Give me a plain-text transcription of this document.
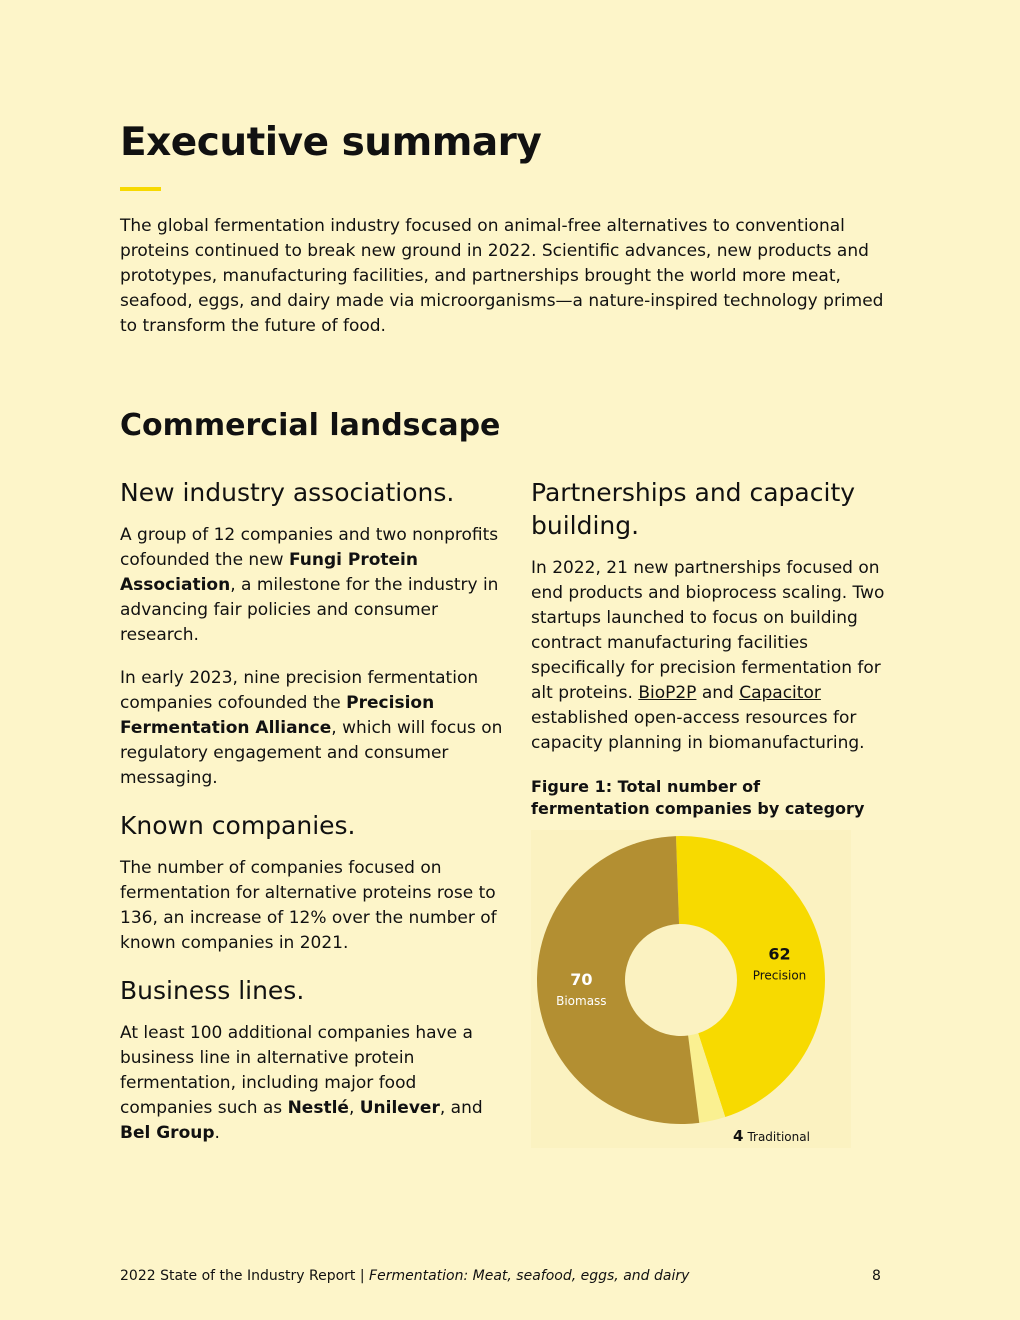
Executive summary

The global fermentation industry focused on animal-free alternatives to conventional proteins continued to break new ground in 2022. Scientific advances, new products and prototypes, manufacturing facilities, and partnerships brought the world more meat, seafood, eggs, and dairy made via microorganisms—a nature-inspired technology primed to transform the future of food.

Commercial landscape
New industry associations.

A group of 12 companies and two nonprofits cofounded the new Fungi Protein Association, a milestone for the industry in advancing fair policies and consumer research.

In early 2023, nine precision fermentation companies cofounded the Precision Fermentation Alliance, which will focus on regulatory engagement and consumer messaging.

Known companies.

The number of companies focused on fermentation for alternative proteins rose to 136, an increase of 12% over the number of known companies in 2021.

Business lines.

At least 100 additional companies have a business line in alternative protein fermentation, including major food companies such as Nestlé, Unilever, and Bel Group.

Partnerships and capacity building.

In 2022, 21 new partnerships focused on end products and bioprocess scaling. Two startups launched to focus on building contract manufacturing facilities specifically for precision fermentation for alt proteins. BioP2P and Capacitor established open-access resources for capacity planning in biomanufacturing.

Figure 1: Total number of fermentation companies by category

62
Precision
4 Traditional
70
Biomass
2022 State of the Industry Report | Fermentation: Meat, seafood, eggs, and dairy	8
